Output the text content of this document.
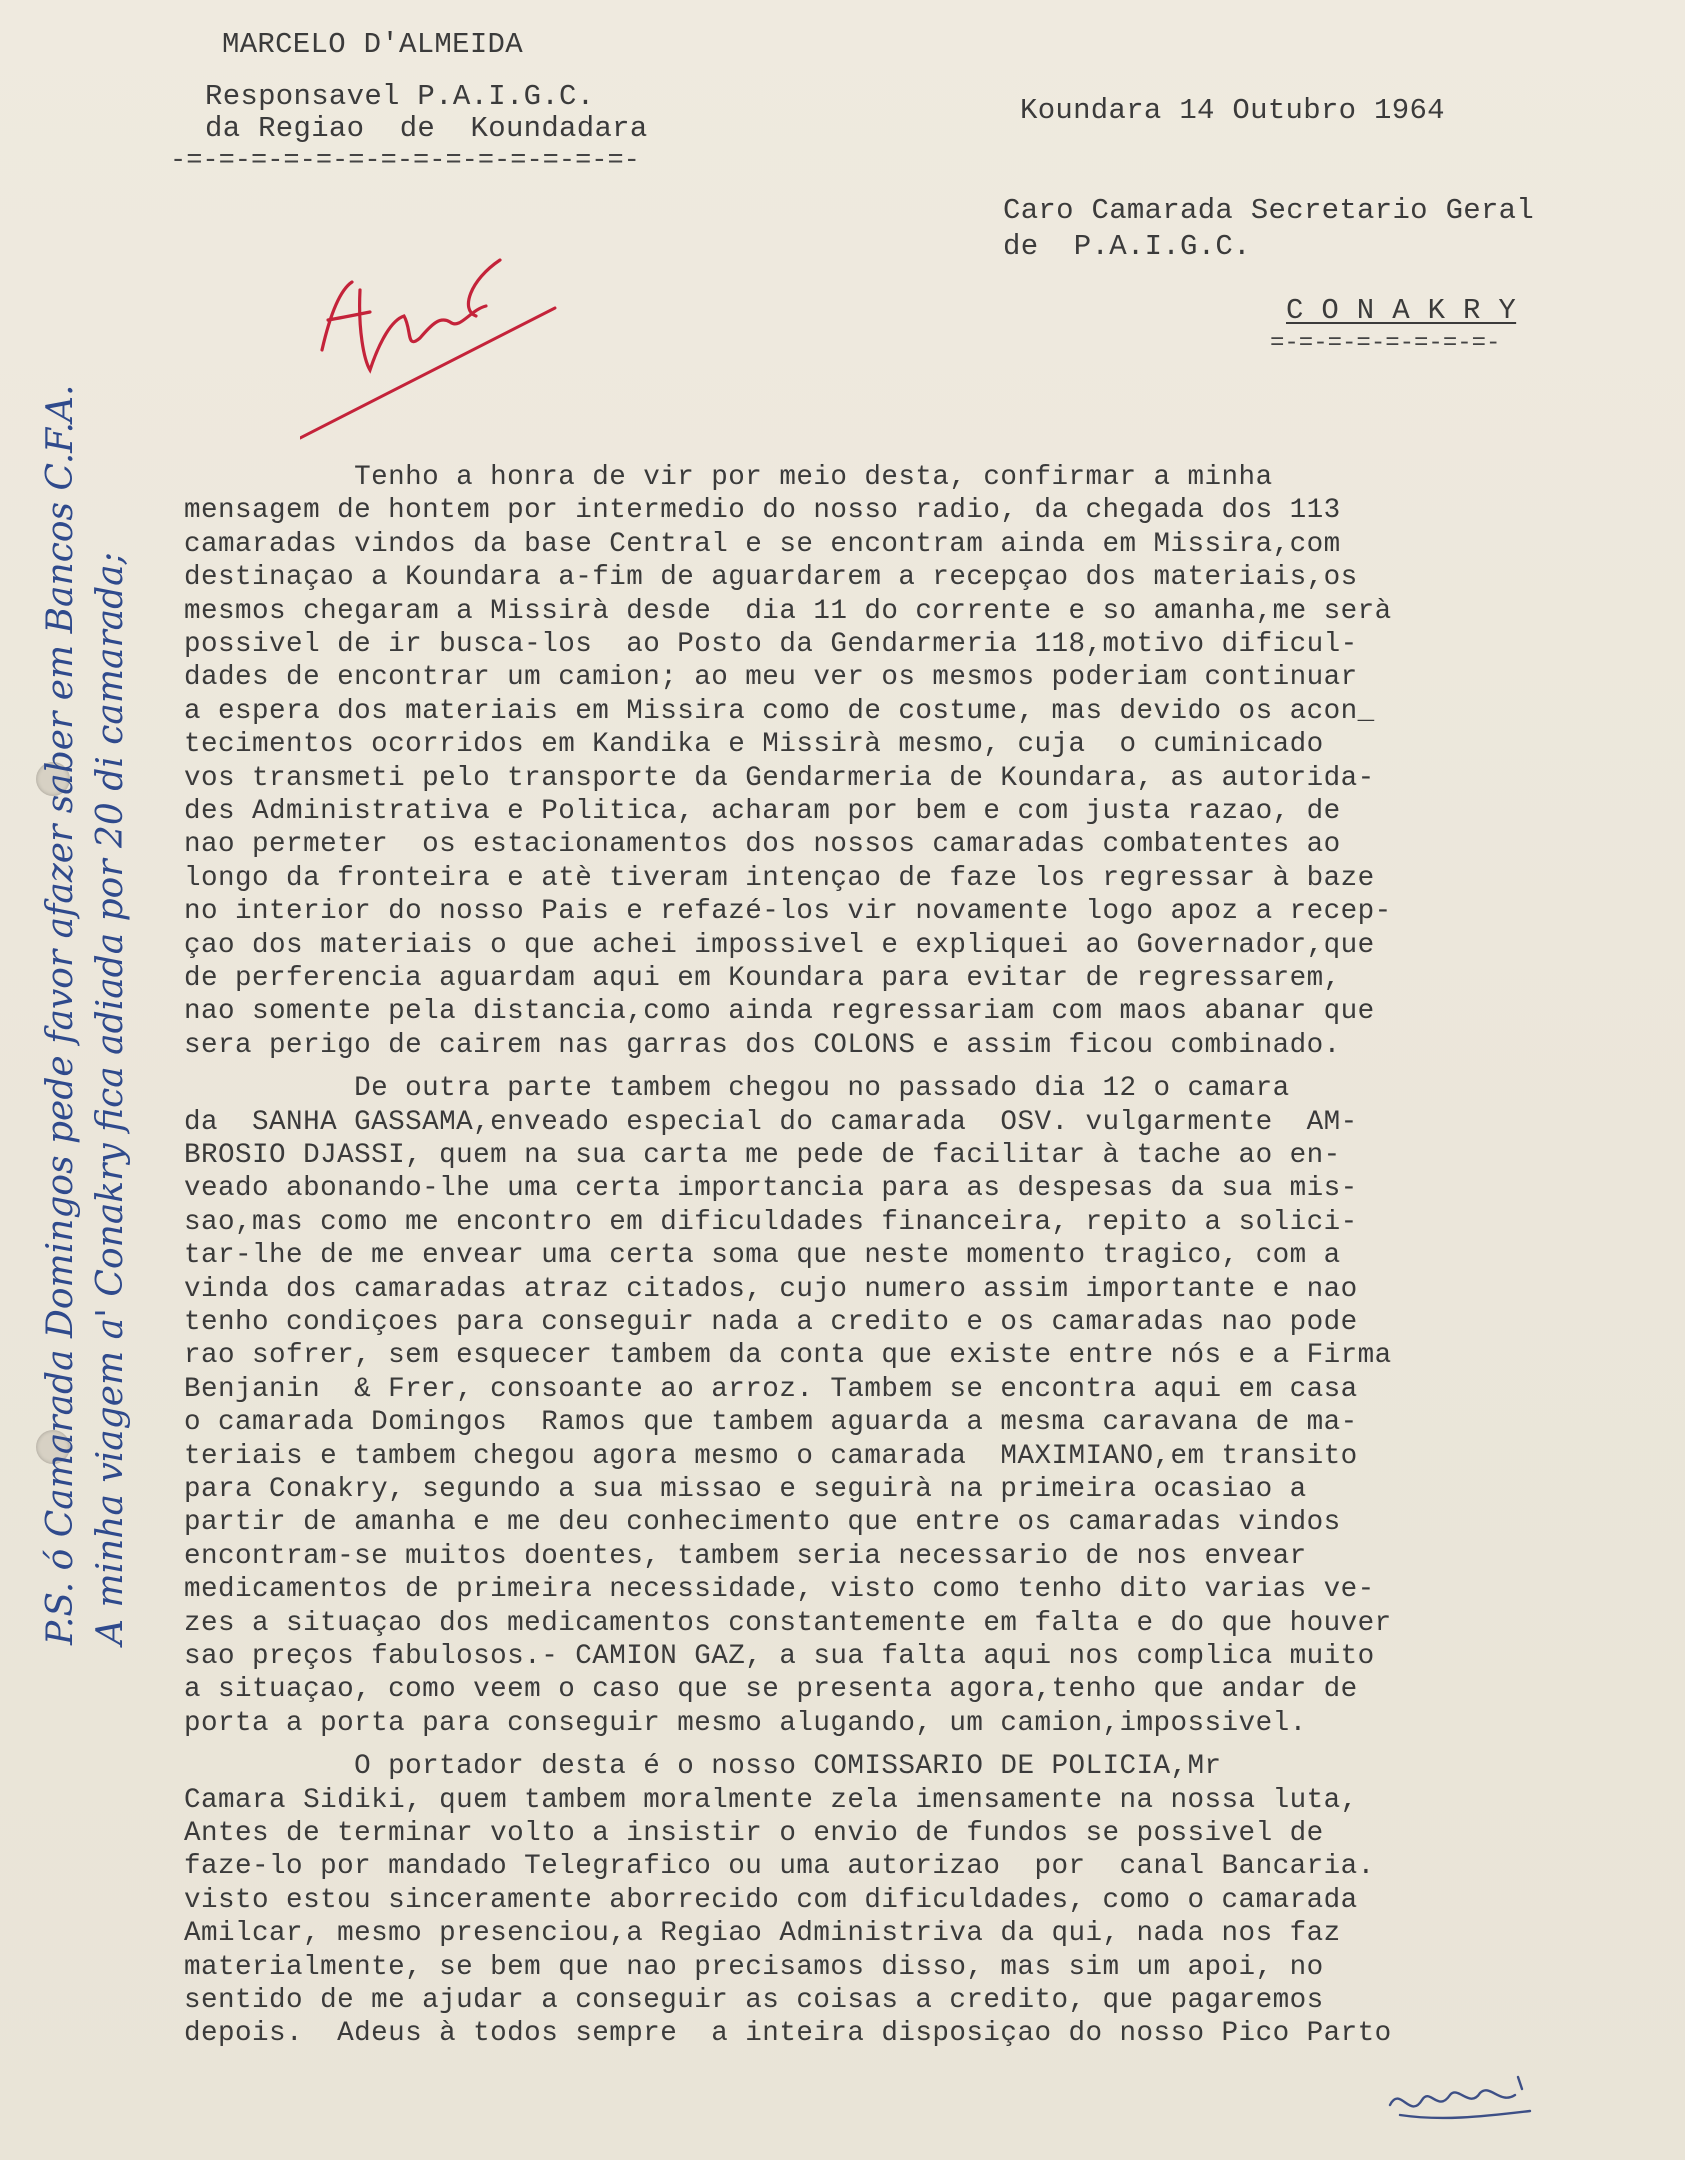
MARCELO D'ALMEIDA
Responsavel P.A.I.G.C.
da Regiao  de  Koundadara
-=-=-=-=-=-=-=-=-=-=-=-=-=-=-
Koundara 14 Outubro 1964
Caro Camarada Secretario Geral
de  P.A.I.G.C.
C O N A K R Y
=-=-=-=-=-=-=-=-
P.S. ó Camarada Domingos pede favor afazer saber em Bancos C.F.A. A minha viagem a' Conakry fica adiada por 20 di camarada;
Tenho a honra de vir por meio desta, confirmar a minha
mensagem de hontem por intermedio do nosso radio, da chegada dos 113
camaradas vindos da base Central e se encontram ainda em Missira,com
destinaçao a Koundara a-fim de aguardarem a recepçao dos materiais,os
mesmos chegaram a Missirà desde  dia 11 do corrente e so amanha,me serà
possivel de ir busca-los  ao Posto da Gendarmeria 118,motivo dificul-
dades de encontrar um camion; ao meu ver os mesmos poderiam continuar
a espera dos materiais em Missira como de costume, mas devido os acon_
tecimentos ocorridos em Kandika e Missirà mesmo, cuja  o cuminicado
vos transmeti pelo transporte da Gendarmeria de Koundara, as autorida-
des Administrativa e Politica, acharam por bem e com justa razao, de
nao permeter  os estacionamentos dos nossos camaradas combatentes ao
longo da fronteira e atè tiveram intençao de faze los regressar à baze
no interior do nosso Pais e refazé-los vir novamente logo apoz a recep-
çao dos materiais o que achei impossivel e expliquei ao Governador,que
de perferencia aguardam aqui em Koundara para evitar de regressarem,
nao somente pela distancia,como ainda regressariam com maos abanar que
sera perigo de cairem nas garras dos COLONS e assim ficou combinado.
De outra parte tambem chegou no passado dia 12 o camara
da  SANHA GASSAMA,enveado especial do camarada  OSV. vulgarmente  AM-
BROSIO DJASSI, quem na sua carta me pede de facilitar à tache ao en-
veado abonando-lhe uma certa importancia para as despesas da sua mis-
sao,mas como me encontro em dificuldades financeira, repito a solici-
tar-lhe de me envear uma certa soma que neste momento tragico, com a
vinda dos camaradas atraz citados, cujo numero assim importante e nao
tenho condiçoes para conseguir nada a credito e os camaradas nao pode
rao sofrer, sem esquecer tambem da conta que existe entre nós e a Firma
Benjanin  & Frer, consoante ao arroz. Tambem se encontra aqui em casa
o camarada Domingos  Ramos que tambem aguarda a mesma caravana de ma-
teriais e tambem chegou agora mesmo o camarada  MAXIMIANO,em transito
para Conakry, segundo a sua missao e seguirà na primeira ocasiao a
partir de amanha e me deu conhecimento que entre os camaradas vindos
encontram-se muitos doentes, tambem seria necessario de nos envear
medicamentos de primeira necessidade, visto como tenho dito varias ve-
zes a situaçao dos medicamentos constantemente em falta e do que houver
sao preços fabulosos.- CAMION GAZ, a sua falta aqui nos complica muito
a situaçao, como veem o caso que se presenta agora,tenho que andar de
porta a porta para conseguir mesmo alugando, um camion,impossivel.
O portador desta é o nosso COMISSARIO DE POLICIA,Mr
Camara Sidiki, quem tambem moralmente zela imensamente na nossa luta,
Antes de terminar volto a insistir o envio de fundos se possivel de
faze-lo por mandado Telegrafico ou uma autorizao  por  canal Bancaria.
visto estou sinceramente aborrecido com dificuldades, como o camarada
Amilcar, mesmo presenciou,a Regiao Administriva da qui, nada nos faz
materialmente, se bem que nao precisamos disso, mas sim um apoi, no
sentido de me ajudar a conseguir as coisas a credito, que pagaremos
depois.  Adeus à todos sempre  a inteira disposiçao do nosso Pico Parto
